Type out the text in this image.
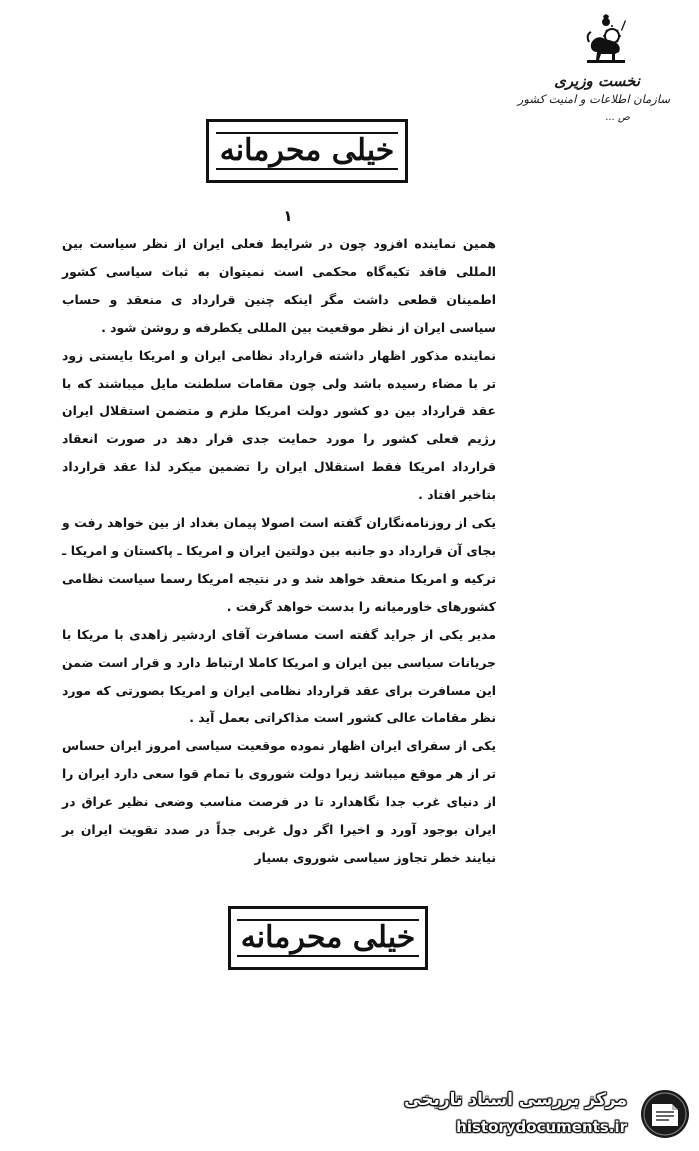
نخست وزیری
سازمان اطلاعات و امنیت کشور
ص ...
خیلی محرمانه
۱

همین نماینده افزود چون در شرایط فعلی ایران از نظر سیاست بین المللی فاقد تکیه‌گاه محکمی است نمیتوان به ثبات سیاسی کشور اطمینان قطعی داشت مگر اینکه چنین قرارداد ی منعقد و حساب سیاسی ایران از نظر موقعیت بین المللی یکطرفه و روشن شود .

نماینده مذکور اظهار داشته قرارداد نظامی ایران و امریکا بایستی زود تر با مضاء رسیده باشد ولی چون مقامات سلطنت مایل میباشند که با عقد قرارداد بین دو کشور دولت امریکا ملزم و متضمن استقلال ایران رژیم فعلی کشور را مورد حمایت جدی قرار دهد در صورت انعقاد قرارداد امریکا فقط استقلال ایران را تضمین میکرد لذا عقد قرارداد بتاخیر افتاد .

یکی از روزنامه‌نگاران گفته است اصولا پیمان بغداد از بین خواهد رفت و بجای آن قرارداد دو جانبه بین دولتین ایران و امریکا ـ پاکستان و امریکا ـ ترکیه و امریکا منعقد خواهد شد و در نتیجه امریکا رسما سیاست نظامی کشورهای خاورمیانه را بدست خواهد گرفت .

مدیر یکی از جراید گفته است مسافرت آقای اردشیر زاهدی با مریکا با جریانات سیاسی بین ایران و امریکا کاملا ارتباط دارد و قرار است ضمن این مسافرت برای عقد قرارداد نظامی ایران و امریکا بصورتی که مورد نظر مقامات عالی کشور است مذاکراتی بعمل آید .

یکی از سفرای ایران اظهار نموده موقعیت سیاسی امروز ایران حساس تر از هر موقع میباشد زیرا دولت شوروی با تمام قوا سعی دارد ایران را از دنیای غرب جدا نگاهدارد تا در فرصت مناسب وضعی نظیر عراق در ایران بوجود آورد و اخیرا اگر دول غربی جداً در صدد تقویت ایران بر نیایند خطر تجاوز سیاسی شوروی بسیار

خیلی محرمانه
مرکز بررسی اسناد تاریخی
historydocuments.ir
